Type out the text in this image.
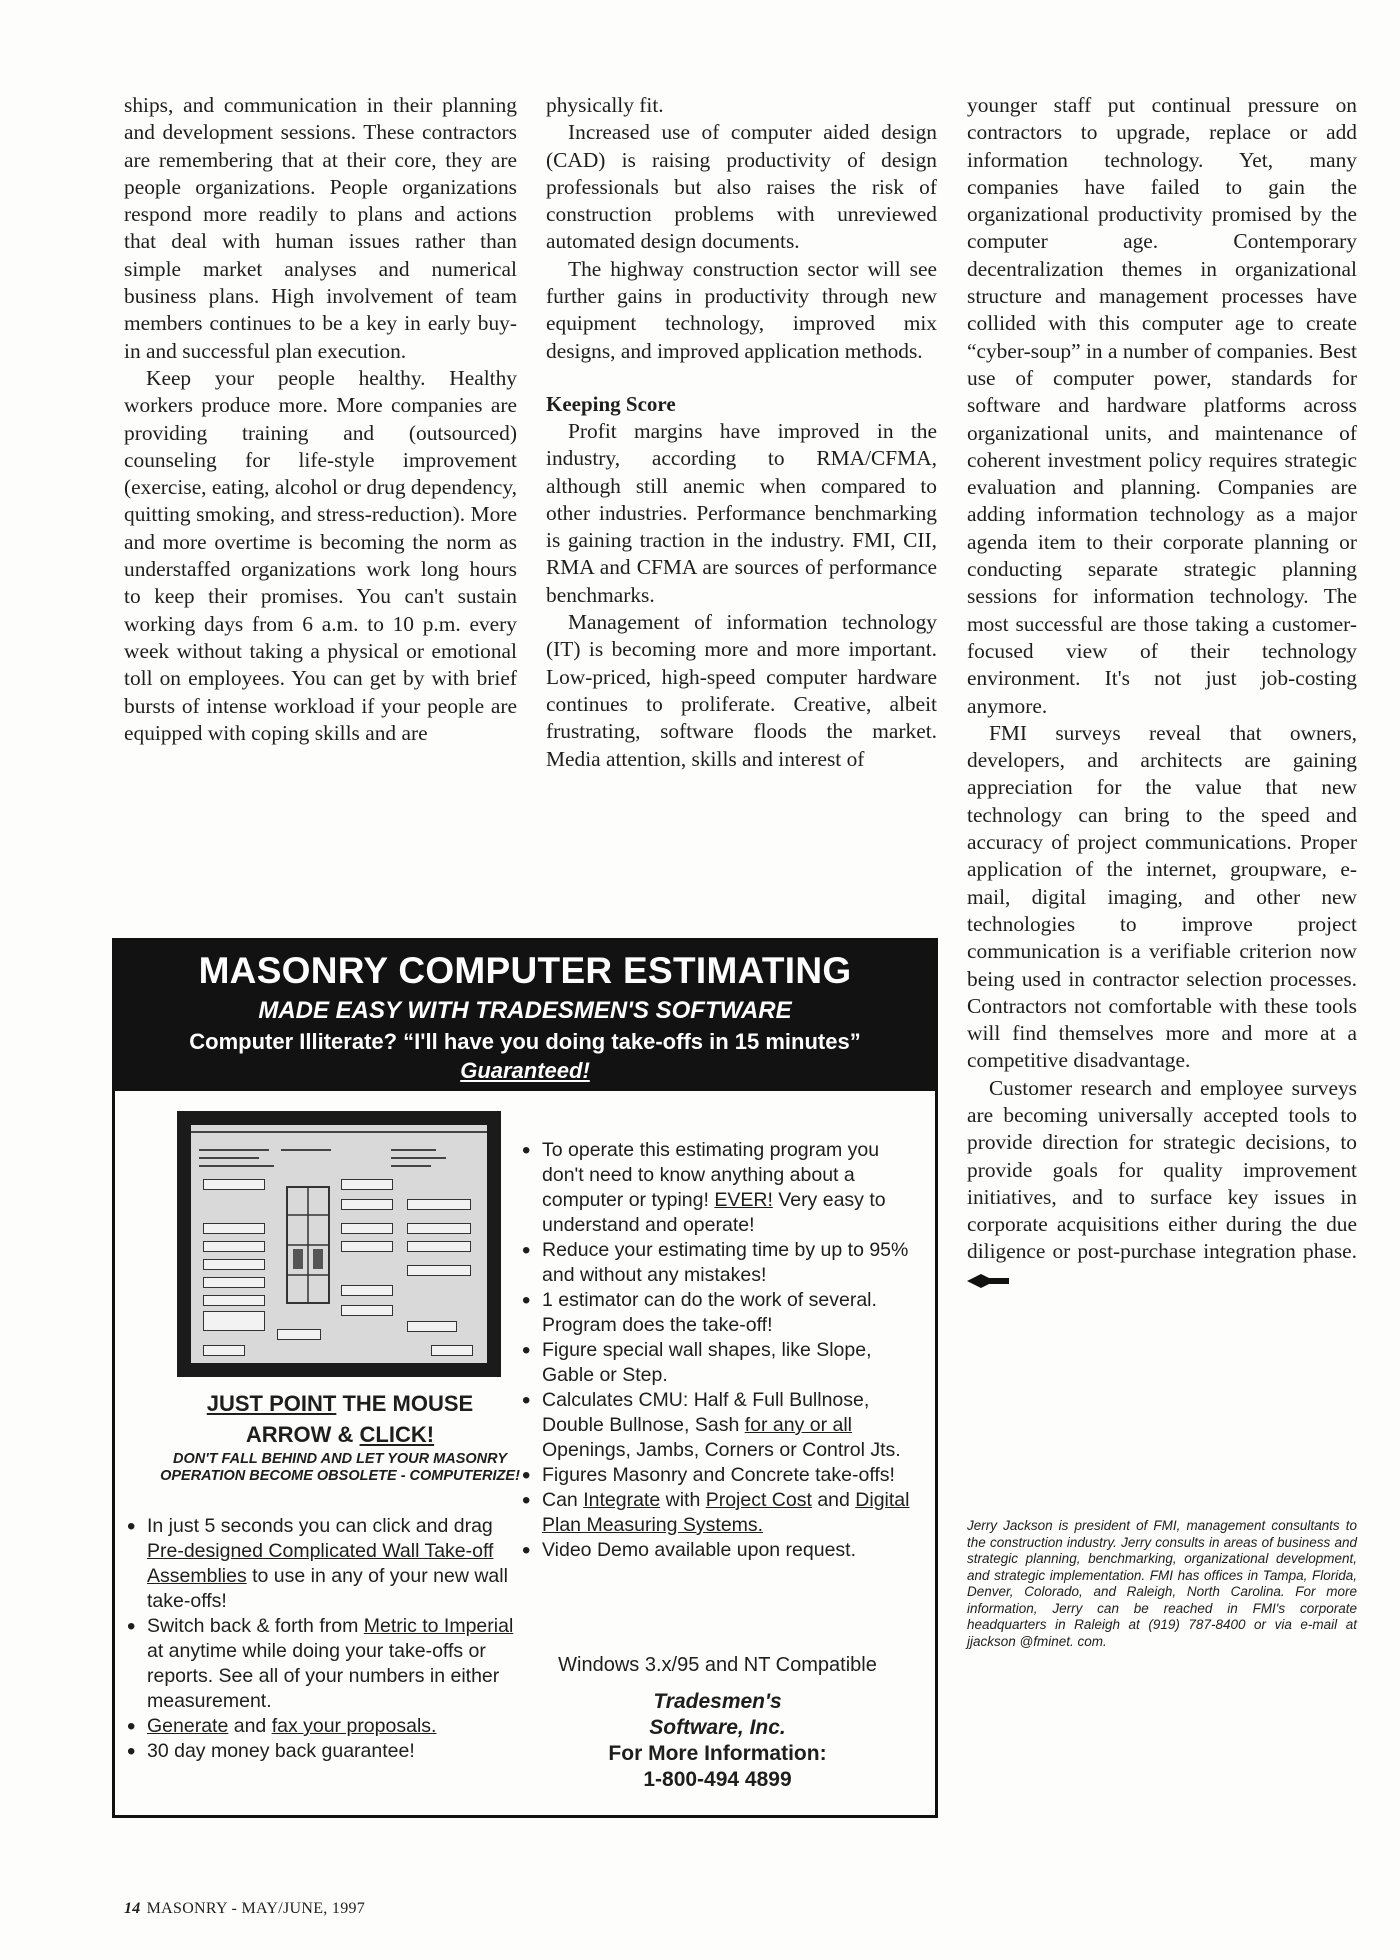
ships, and communication in their planning and development sessions. These contractors are remembering that at their core, they are people organizations. People organizations respond more readily to plans and actions that deal with human issues rather than simple market analyses and numerical business plans. High involvement of team members continues to be a key in early buy-in and successful plan execution.

Keep your people healthy. Healthy workers produce more. More companies are providing training and (outsourced) counseling for life-style improvement (exercise, eating, alcohol or drug dependency, quitting smoking, and stress-reduction). More and more overtime is becoming the norm as understaffed organizations work long hours to keep their promises. You can't sustain working days from 6 a.m. to 10 p.m. every week without taking a physical or emotional toll on employees. You can get by with brief bursts of intense workload if your people are equipped with coping skills and are

physically fit.

Increased use of computer aided design (CAD) is raising productivity of design professionals but also raises the risk of construction problems with unreviewed automated design documents.

The highway construction sector will see further gains in productivity through new equipment technology, improved mix designs, and improved application methods.

Keeping Score

Profit margins have improved in the industry, according to RMA/CFMA, although still anemic when compared to other industries. Performance benchmarking is gaining traction in the industry. FMI, CII, RMA and CFMA are sources of performance benchmarks.

Management of information technology (IT) is becoming more and more important. Low-priced, high-speed computer hardware continues to proliferate. Creative, albeit frustrating, software floods the market. Media attention, skills and interest of

younger staff put continual pressure on contractors to upgrade, replace or add information technology. Yet, many companies have failed to gain the organizational productivity promised by the computer age. Contemporary decentralization themes in organizational structure and management processes have collided with this computer age to create “cyber-soup” in a number of companies. Best use of computer power, standards for software and hardware platforms across organizational units, and maintenance of coherent investment policy requires strategic evaluation and planning. Companies are adding information technology as a major agenda item to their corporate planning or conducting separate strategic planning sessions for information technology. The most successful are those taking a customer-focused view of their technology environment. It's not just job-costing anymore.

FMI surveys reveal that owners, developers, and architects are gaining appreciation for the value that new technology can bring to the speed and accuracy of project communications. Proper application of the internet, groupware, e-mail, digital imaging, and other new technologies to improve project communication is a verifiable criterion now being used in contractor selection processes. Contractors not comfortable with these tools will find themselves more and more at a competitive disadvantage.

Customer research and employee surveys are becoming universally accepted tools to provide direction for strategic decisions, to provide goals for quality improvement initiatives, and to surface key issues in corporate acquisitions either during the due diligence or post-purchase integration phase.

Jerry Jackson is president of FMI, management consultants to the construction industry. Jerry consults in areas of business and strategic planning, benchmarking, organizational development, and strategic implementation. FMI has offices in Tampa, Florida, Denver, Colorado, and Raleigh, North Carolina. For more information, Jerry can be reached in FMI's corporate headquarters in Raleigh at (919) 787-8400 or via e-mail at jjackson @fminet. com.
MASONRY COMPUTER ESTIMATING
MADE EASY WITH TRADESMEN'S SOFTWARE
Computer Illiterate? “I'll have you doing take-offs in 15 minutes”
Guaranteed!
JUST POINT THE MOUSE
ARROW & CLICK!
DON'T FALL BEHIND AND LET YOUR MASONRY OPERATION BECOME OBSOLETE - COMPUTERIZE!
• In just 5 seconds you can click and drag Pre-designed Complicated Wall Take-off Assemblies to use in any of your new wall take-offs!
• Switch back & forth from Metric to Imperial at anytime while doing your take-offs or reports. See all of your numbers in either measurement.
• Generate and fax your proposals.
• 30 day money back guarantee!
• To operate this estimating program you don't need to know anything about a computer or typing! EVER! Very easy to understand and operate!
• Reduce your estimating time by up to 95% and without any mistakes!
• 1 estimator can do the work of several. Program does the take-off!
• Figure special wall shapes, like Slope, Gable or Step.
• Calculates CMU: Half & Full Bullnose, Double Bullnose, Sash for any or all Openings, Jambs, Corners or Control Jts.
• Figures Masonry and Concrete take-offs!
• Can Integrate with Project Cost and Digital Plan Measuring Systems.
• Video Demo available upon request.
Windows 3.x/95 and NT Compatible
Tradesmen's
Software, Inc.
For More Information:
1-800-494 4899
14 MASONRY - MAY/JUNE, 1997
